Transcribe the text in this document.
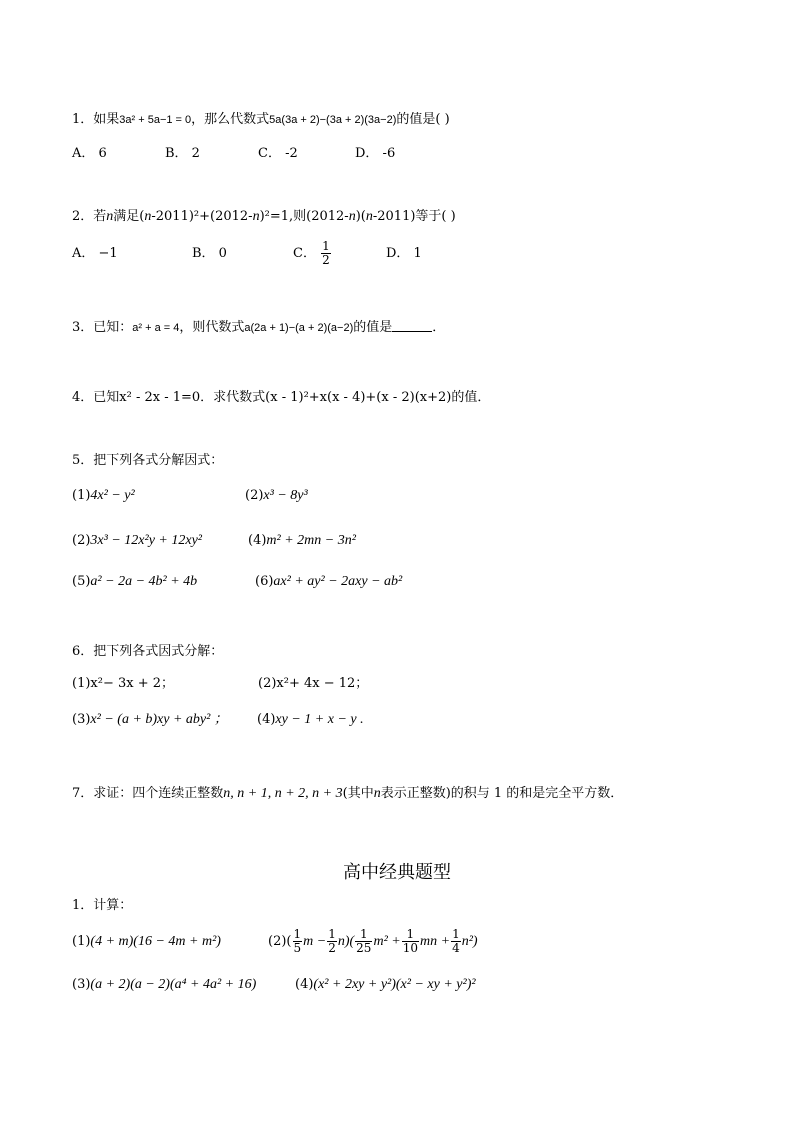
1．如果3a² + 5a−1 = 0，那么代数式5a(3a + 2)−(3a + 2)(3a−2)的值是( )
A． 6	B． 2	C． -2	D． -6
2．若n满足(n-2011)²+(2012-n)²=1,则(2012-n)(n-2011)等于( )
A． −1	B． 0	C． $\frac{1}{2}$	D． 1
3．已知：a² + a = 4，则代数式a(2a + 1)−(a + 2)(a−2)的值是	．
4．已知x² - 2x - 1=0．求代数式(x - 1)²+x(x - 4)+(x - 2)(x+2)的值．
5．把下列各式分解因式：
(1)4x² − y²	(2)x³ − 8y³
(2)3x³ − 12x²y + 12xy²	(4)m² + 2mn − 3n²
(5)a² − 2a − 4b² + 4b	(6)ax² + ay² − 2axy − ab²
6．把下列各式因式分解：
(1)x²− 3x + 2；	(2)x²+ 4x − 12；
(3)x² − (a + b)xy + aby² ； (4)xy − 1 + x − y .
7．求证：四个连续正整数n, n + 1, n + 2, n + 3(其中n表示正整数)的积与 1 的和是完全平方数．
高中经典题型
1．计算：
(1)(4 + m)(16 − 4m + m²)	$(2)( \frac{1}{5}$ $m - \frac{1}{2} n)( \frac{1}{25} m^2 + \frac{1}{10}$ mn + $\frac{1}{4} n^2$)
(3)(a + 2)(a − 2)(a⁴ + 4a² + 16)	(4)(x² + 2xy + y²)(x² − xy + y²)²
